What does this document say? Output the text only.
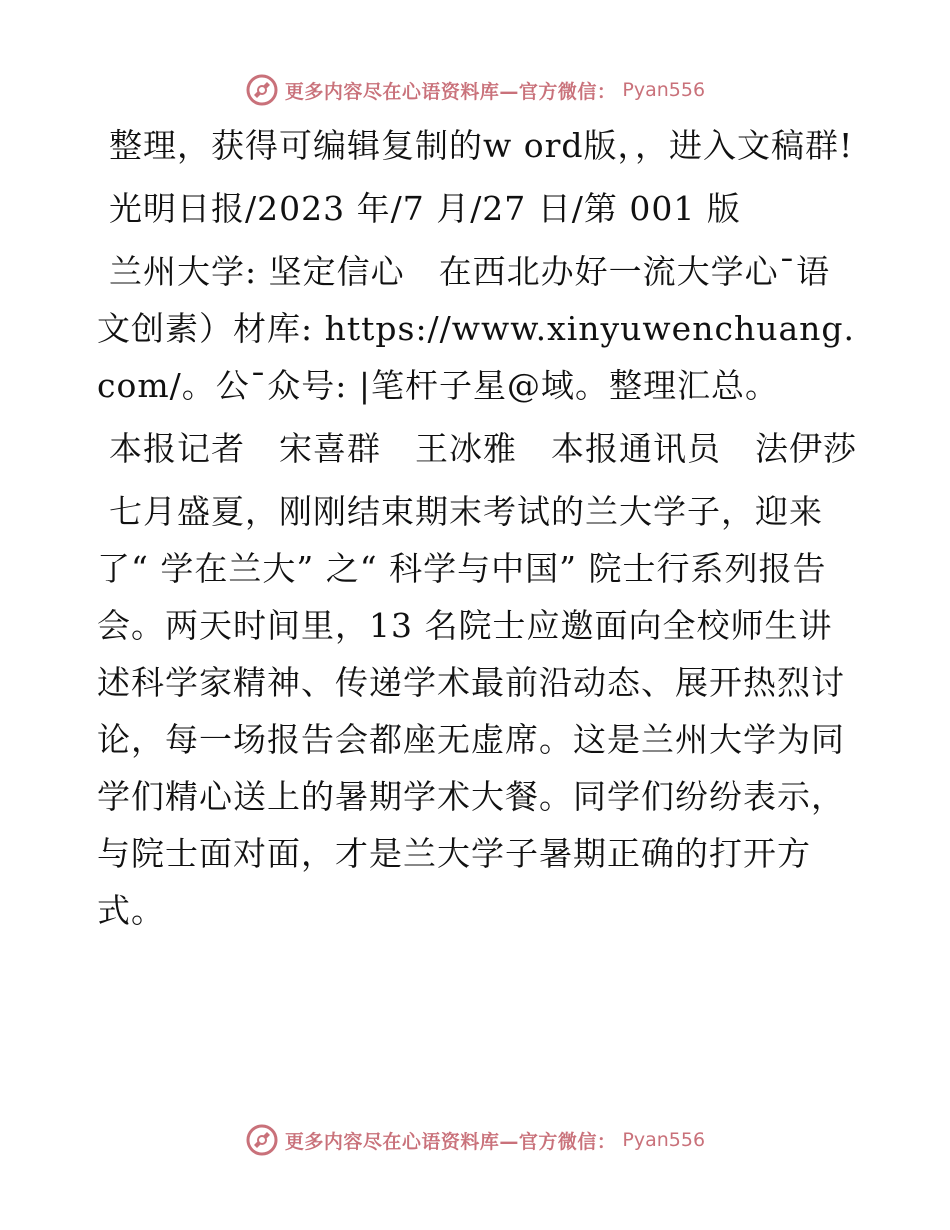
更多内容尽在心语资料库—官方微信： Pyan556

整理，获得可编辑复制的w ord版，，进入文稿群!

光明日报/2023 年/7 月/27 日/第 001 版

兰州大学: 坚定信心　在西北办好一流大学心¯语文创素）材库: https://www.xinyuwenchuang.com/。公¯众号: |笔杆子星@域。整理汇总。

本报记者　宋喜群　王冰雅　本报通讯员　法伊莎

七月盛夏，刚刚结束期末考试的兰大学子，迎来了“ 学在兰大” 之“ 科学与中国” 院士行系列报告会。两天时间里，13 名院士应邀面向全校师生讲述科学家精神、传递学术最前沿动态、展开热烈讨论，每一场报告会都座无虚席。这是兰州大学为同学们精心送上的暑期学术大餐。同学们纷纷表示，与院士面对面，才是兰大学子暑期正确的打开方式。

更多内容尽在心语资料库—官方微信： Pyan556
